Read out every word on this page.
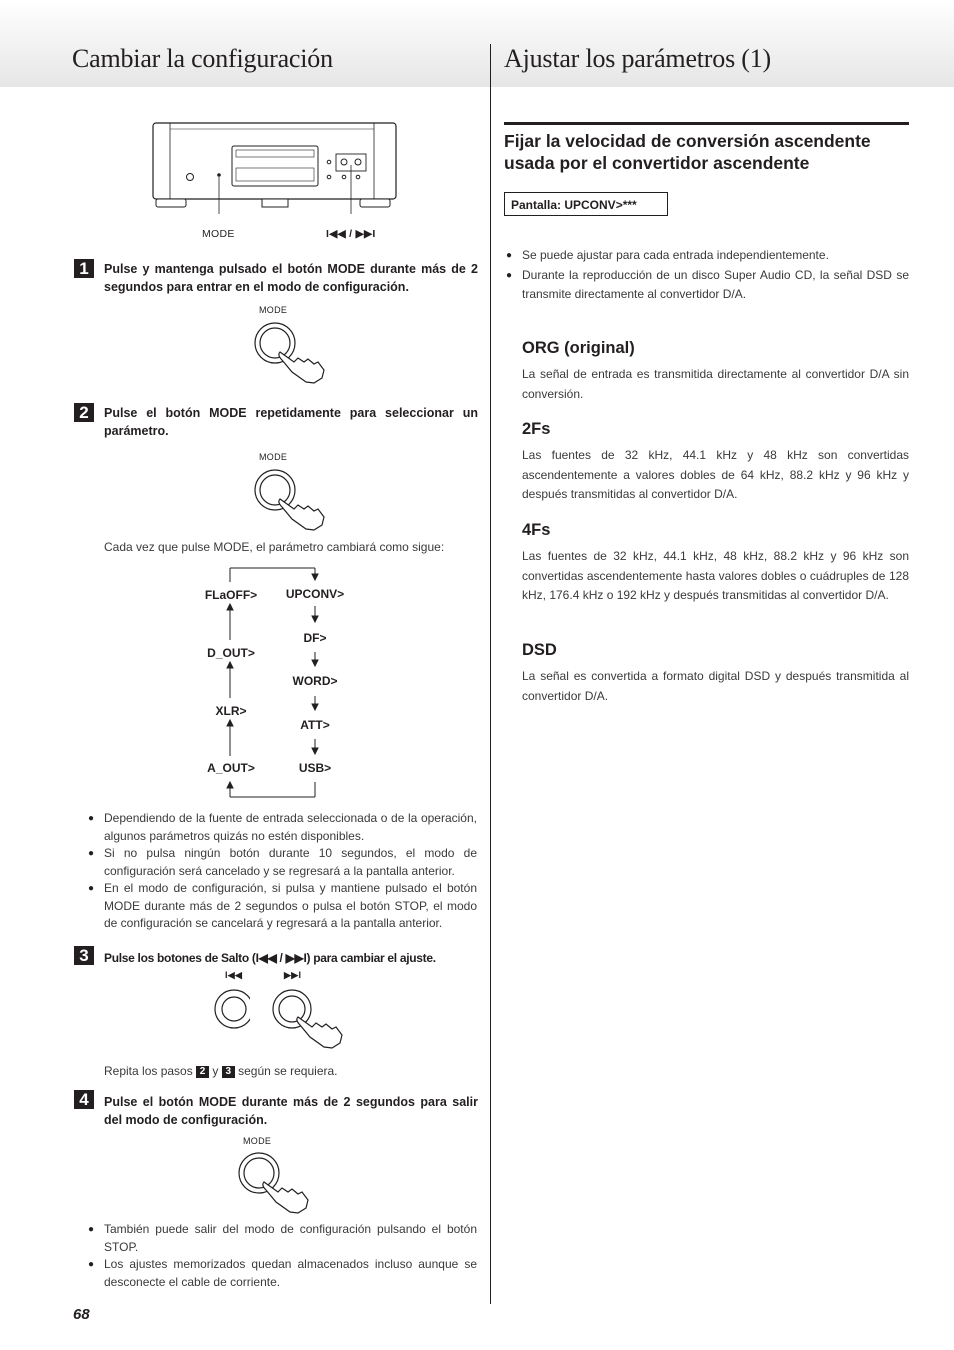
Cambiar la configuración	Ajustar los parámetros (1)
MODE	I◀◀ / ▶▶I
1	Pulse y mantenga pulsado el botón MODE durante más de 2 segundos para entrar en el modo de configuración.
MODE
2	Pulse el botón MODE repetidamente para seleccionar un parámetro.
MODE
Cada vez que pulse MODE, el parámetro cambiará como sigue:
FLaOFF>
D_OUT>
XLR>
A_OUT>
UPCONV>
DF>
WORD>
ATT>
USB>
● Dependiendo de la fuente de entrada seleccionada o de la operación, algunos parámetros quizás no estén disponibles.
● Si no pulsa ningún botón durante 10 segundos, el modo de configuración será cancelado y se regresará a la pantalla anterior.
● En el modo de configuración, si pulsa y mantiene pulsado el botón MODE durante más de 2 segundos o pulsa el botón STOP, el modo de configuración se cancelará y regresará a la pantalla anterior.
3	Pulse los botones de Salto (I◀◀ / ▶▶I) para cambiar el ajuste.
I◀◀	▶▶I
Repita los pasos 2 y 3 según se requiera.
4	Pulse el botón MODE durante más de 2 segundos para salir del modo de configuración.
MODE
● También puede salir del modo de configuración pulsando el botón STOP.
● Los ajustes memorizados quedan almacenados incluso aunque se desconecte el cable de corriente.
68
Fijar la velocidad de conversión ascendente usada por el convertidor ascendente
Pantalla: UPCONV>***
● Se puede ajustar para cada entrada independientemente.
● Durante la reproducción de un disco Super Audio CD, la señal DSD se transmite directamente al convertidor D/A.
ORG (original)
La señal de entrada es transmitida directamente al convertidor D/A sin conversión.
2Fs
Las fuentes de 32 kHz, 44.1 kHz y 48 kHz son convertidas ascendentemente a valores dobles de 64 kHz, 88.2 kHz y 96 kHz y después transmitidas al convertidor D/A.
4Fs
Las fuentes de 32 kHz, 44.1 kHz, 48 kHz, 88.2 kHz y 96 kHz son convertidas ascendentemente hasta valores dobles o cuádruples de 128 kHz, 176.4 kHz o 192 kHz y después transmitidas al convertidor D/A.
DSD
La señal es convertida a formato digital DSD y después transmitida al convertidor D/A.
